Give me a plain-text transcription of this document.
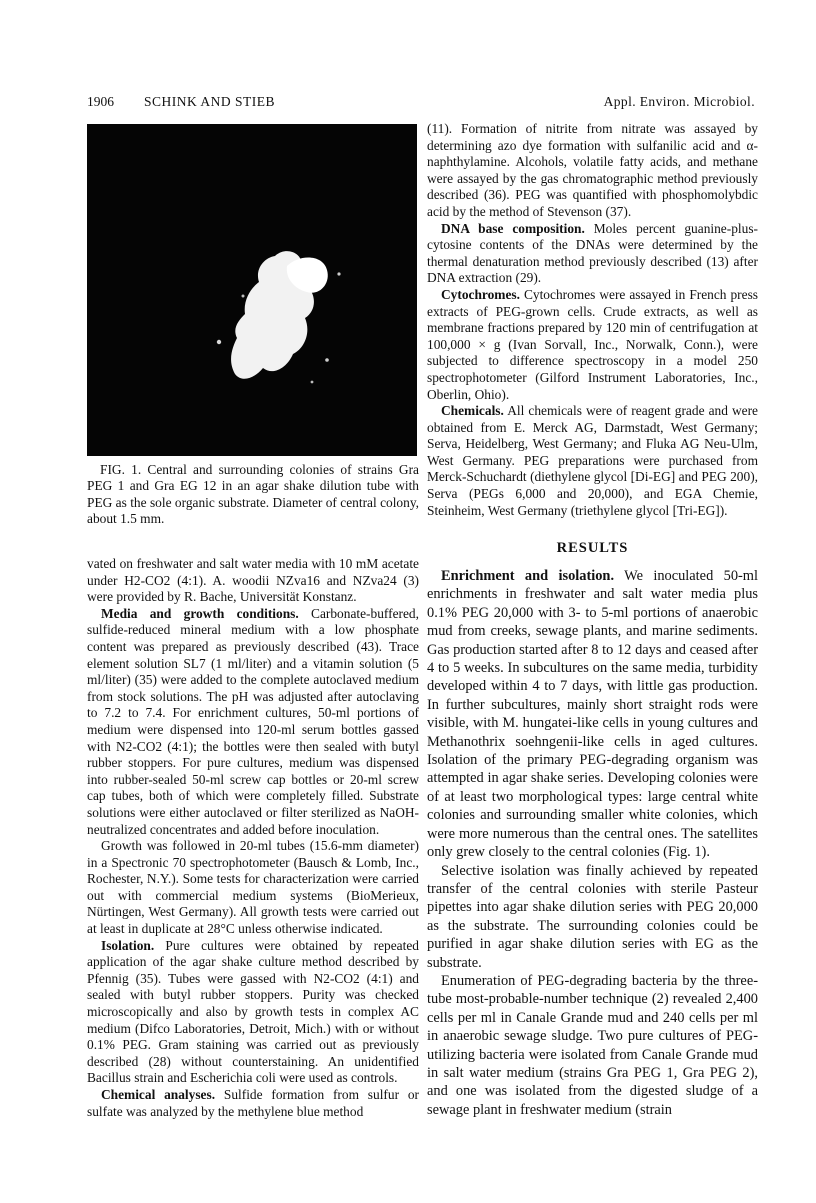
1906 SCHINK AND STIEB	Appl. Environ. Microbiol.

FIG. 1. Central and surrounding colonies of strains Gra PEG 1 and Gra EG 12 in an agar shake dilution tube with PEG as the sole organic substrate. Diameter of central colony, about 1.5 mm.

vated on freshwater and salt water media with 10 mM acetate under H2-CO2 (4:1). A. woodii NZva16 and NZva24 (3) were provided by R. Bache, Universität Konstanz.

Media and growth conditions. Carbonate-buffered, sulfide-reduced mineral medium with a low phosphate content was prepared as previously described (43). Trace element solution SL7 (1 ml/liter) and a vitamin solution (5 ml/liter) (35) were added to the complete autoclaved medium from stock solutions. The pH was adjusted after autoclaving to 7.2 to 7.4. For enrichment cultures, 50-ml portions of medium were dispensed into 120-ml serum bottles gassed with N2-CO2 (4:1); the bottles were then sealed with butyl rubber stoppers. For pure cultures, medium was dispensed into rubber-sealed 50-ml screw cap bottles or 20-ml screw cap tubes, both of which were completely filled. Substrate solutions were either autoclaved or filter sterilized as NaOH-neutralized concentrates and added before inoculation.

Growth was followed in 20-ml tubes (15.6-mm diameter) in a Spectronic 70 spectrophotometer (Bausch & Lomb, Inc., Rochester, N.Y.). Some tests for characterization were carried out with commercial medium systems (BioMerieux, Nürtingen, West Germany). All growth tests were carried out at least in duplicate at 28°C unless otherwise indicated.

Isolation. Pure cultures were obtained by repeated application of the agar shake culture method described by Pfennig (35). Tubes were gassed with N2-CO2 (4:1) and sealed with butyl rubber stoppers. Purity was checked microscopically and also by growth tests in complex AC medium (Difco Laboratories, Detroit, Mich.) with or without 0.1% PEG. Gram staining was carried out as previously described (28) without counterstaining. An unidentified Bacillus strain and Escherichia coli were used as controls.

Chemical analyses. Sulfide formation from sulfur or sulfate was analyzed by the methylene blue method

(11). Formation of nitrite from nitrate was assayed by determining azo dye formation with sulfanilic acid and α-naphthylamine. Alcohols, volatile fatty acids, and methane were assayed by the gas chromatographic method previously described (36). PEG was quantified with phosphomolybdic acid by the method of Stevenson (37).

DNA base composition. Moles percent guanine-plus-cytosine contents of the DNAs were determined by the thermal denaturation method previously described (13) after DNA extraction (29).

Cytochromes. Cytochromes were assayed in French press extracts of PEG-grown cells. Crude extracts, as well as membrane fractions prepared by 120 min of centrifugation at 100,000 × g (Ivan Sorvall, Inc., Norwalk, Conn.), were subjected to difference spectroscopy in a model 250 spectrophotometer (Gilford Instrument Laboratories, Inc., Oberlin, Ohio).

Chemicals. All chemicals were of reagent grade and were obtained from E. Merck AG, Darmstadt, West Germany; Serva, Heidelberg, West Germany; and Fluka AG Neu-Ulm, West Germany. PEG preparations were purchased from Merck-Schuchardt (diethylene glycol [Di-EG] and PEG 200), Serva (PEGs 6,000 and 20,000), and EGA Chemie, Steinheim, West Germany (triethylene glycol [Tri-EG]).

RESULTS

Enrichment and isolation. We inoculated 50-ml enrichments in freshwater and salt water media plus 0.1% PEG 20,000 with 3- to 5-ml portions of anaerobic mud from creeks, sewage plants, and marine sediments. Gas production started after 8 to 12 days and ceased after 4 to 5 weeks. In subcultures on the same media, turbidity developed within 4 to 7 days, with little gas production. In further subcultures, mainly short straight rods were visible, with M. hungatei-like cells in young cultures and Methanothrix soehngenii-like cells in aged cultures. Isolation of the primary PEG-degrading organism was attempted in agar shake series. Developing colonies were of at least two morphological types: large central white colonies and surrounding smaller white colonies, which were more numerous than the central ones. The satellites only grew closely to the central colonies (Fig. 1).

Selective isolation was finally achieved by repeated transfer of the central colonies with sterile Pasteur pipettes into agar shake dilution series with PEG 20,000 as the substrate. The surrounding colonies could be purified in agar shake dilution series with EG as the substrate.

Enumeration of PEG-degrading bacteria by the three-tube most-probable-number technique (2) revealed 2,400 cells per ml in Canale Grande mud and 240 cells per ml in anaerobic sewage sludge. Two pure cultures of PEG-utilizing bacteria were isolated from Canale Grande mud in salt water medium (strains Gra PEG 1, Gra PEG 2), and one was isolated from the digested sludge of a sewage plant in freshwater medium (strain
